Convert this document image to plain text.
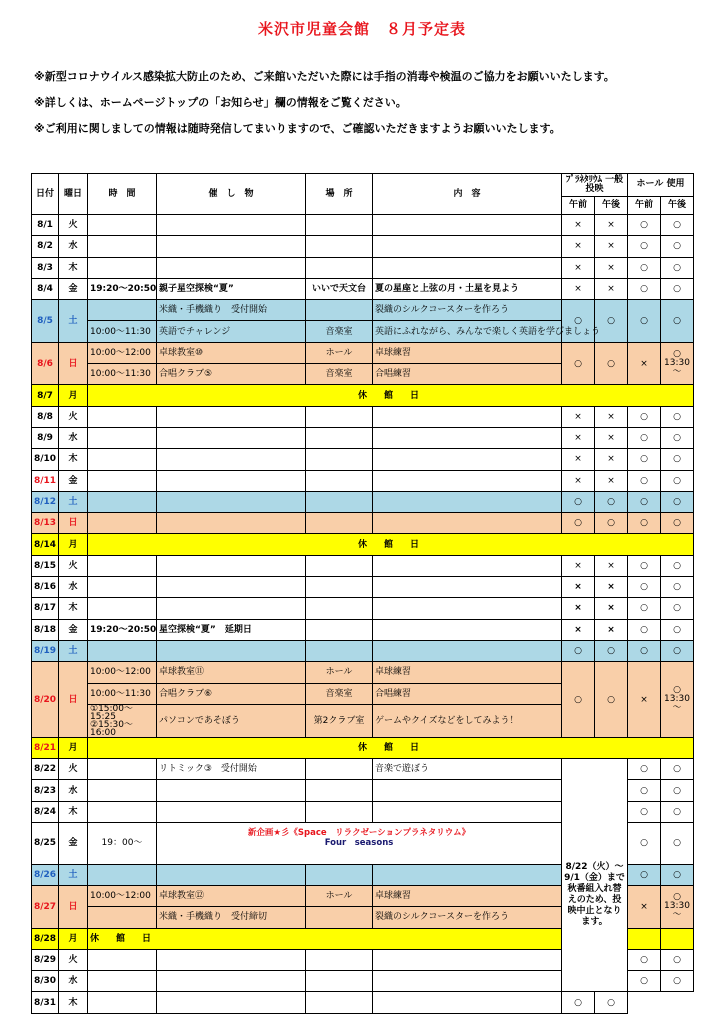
米沢市児童会館　８月予定表
※新型コロナウイルス感染拡大防止のため、ご来館いただいた際には手指の消毒や検温のご協力をお願いいたします。
※詳しくは、ホームページトップの「お知らせ」欄の情報をご覧ください。
※ご利用に関しましての情報は随時発信してまいりますので、ご確認いただきますようお願いいたします。
日付	曜日	時　間	催　し　物	場　所	内　容	ﾌﾟﾗﾈﾀﾘｳﾑ 一般投映		ホール 使用	
						午前	午後	午前	午後
8/1	火					×	×	○	○
8/2	水					×	×	○	○
8/3	木					×	×	○	○
8/4	金	19:20～20:50	親子星空探検“夏”	いいで天文台	夏の星座と上弦の月・土星を見よう	×	×	○	○
8/5	土		米織・手機織り　受付開始		裂織のシルクコースターを作ろう	○	○	○	○
		10:00～11:30	英語でチャレンジ	音楽室	英語にふれながら、みんなで楽しく英語を学びましょう				
8/6	日	10:00～12:00	卓球教室⑩	ホール	卓球練習	○	○	×	○ 13:30 ～
		10:00～11:30	合唱クラブ⑤	音楽室	合唱練習				
8/7	月	休　館　日							
8/8	火					×	×	○	○
8/9	水					×	×	○	○
8/10	木					×	×	○	○
8/11	金					×	×	○	○
8/12	土					○	○	○	○
8/13	日					○	○	○	○
8/14	月	休　館　日							
8/15	火					×	×	○	○
8/16	水					×	×	○	○
8/17	木					×	×	○	○
8/18	金	19:20～20:50	星空探検“夏”　延期日			×	×	○	○
8/19	土					○	○	○	○
8/20	日	10:00～12:00	卓球教室⑪	ホール	卓球練習	○	○	×	○ 13:30 ～
		10:00～11:30	合唱クラブ⑥	音楽室	合唱練習				
		①15:00～15:25
②15:30～16:00	パソコンであそぼう	第2クラブ室	ゲームやクイズなどをしてみよう！				
8/21	月	休　館　日							
8/22	火		リトミック③　受付開始		音楽で遊ぼう	8/22（火）～ 9/1（金）まで秋番組入れ替えのため、投映中止となります。		○	○
8/23	水							○	○
8/24	木							○	○
8/25	金	19：00～	新企画★彡《Space　リラクゼーションプラネタリウム》
Four　seasons					○	○
8/26	土							○	○
8/27	日	10:00～12:00	卓球教室⑫	ホール	卓球練習			×	○ 13:30 ～
			米織・手機織り　受付締切		裂織のシルクコースターを作ろう				
8/28	月	休　館　日							
8/29	火							○	○
8/30	水							○	○
8/31	木					○	○		
